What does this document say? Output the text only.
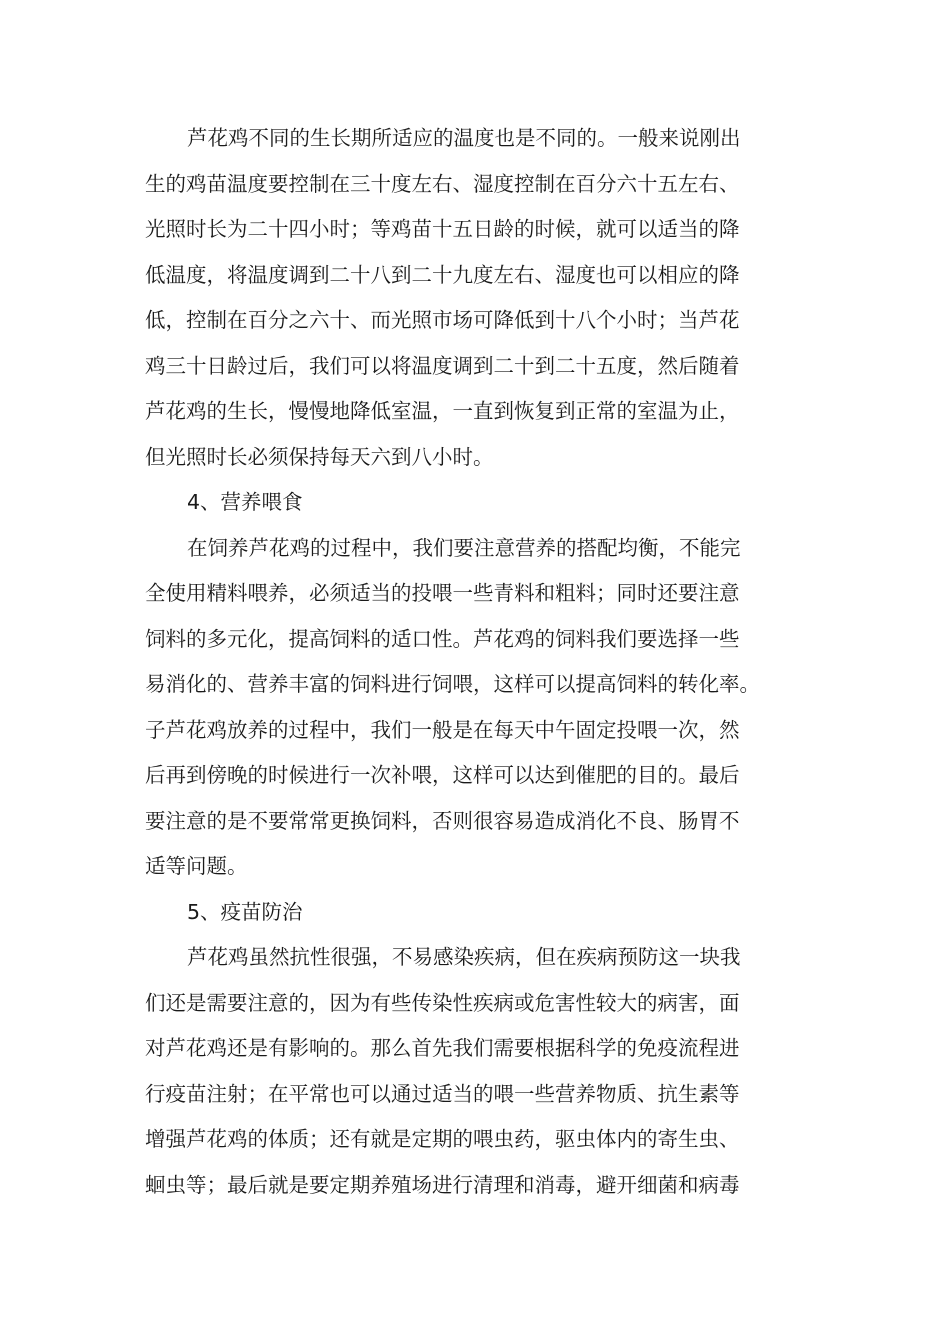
芦花鸡不同的生长期所适应的温度也是不同的。一般来说刚出
生的鸡苗温度要控制在三十度左右、湿度控制在百分六十五左右、
光照时长为二十四小时；等鸡苗十五日龄的时候，就可以适当的降
低温度，将温度调到二十八到二十九度左右、湿度也可以相应的降
低，控制在百分之六十、而光照市场可降低到十八个小时；当芦花
鸡三十日龄过后，我们可以将温度调到二十到二十五度，然后随着
芦花鸡的生长，慢慢地降低室温，一直到恢复到正常的室温为止，
但光照时长必须保持每天六到八小时。
4、营养喂食
在饲养芦花鸡的过程中，我们要注意营养的搭配均衡，不能完
全使用精料喂养，必须适当的投喂一些青料和粗料；同时还要注意
饲料的多元化，提高饲料的适口性。芦花鸡的饲料我们要选择一些
易消化的、营养丰富的饲料进行饲喂，这样可以提高饲料的转化率。
子芦花鸡放养的过程中，我们一般是在每天中午固定投喂一次，然
后再到傍晚的时候进行一次补喂，这样可以达到催肥的目的。最后
要注意的是不要常常更换饲料，否则很容易造成消化不良、肠胃不
适等问题。
5、疫苗防治
芦花鸡虽然抗性很强，不易感染疾病，但在疾病预防这一块我
们还是需要注意的，因为有些传染性疾病或危害性较大的病害，面
对芦花鸡还是有影响的。那么首先我们需要根据科学的免疫流程进
行疫苗注射；在平常也可以通过适当的喂一些营养物质、抗生素等
增强芦花鸡的体质；还有就是定期的喂虫药，驱虫体内的寄生虫、
蛔虫等；最后就是要定期养殖场进行清理和消毒，避开细菌和病毒
